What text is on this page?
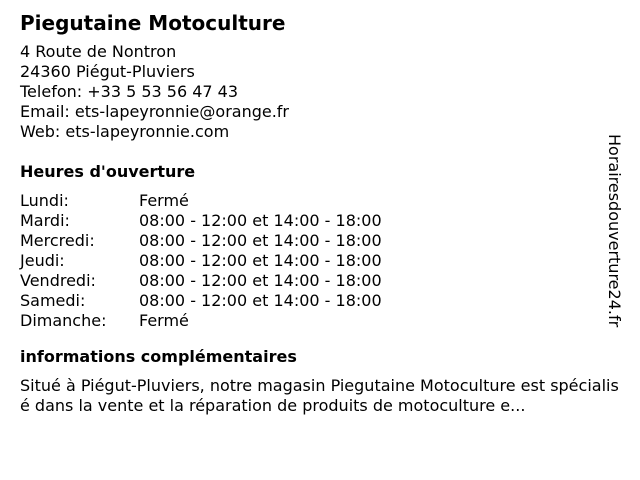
Piegutaine Motoculture
4 Route de Nontron
24360 Piégut-Pluviers
Telefon: +33 5 53 56 47 43
Email: ets-lapeyronnie@orange.fr
Web: ets-lapeyronnie.com
Heures d'ouverture
Lundi:	Fermé
Mardi:	08:00 - 12:00 et 14:00 - 18:00
Mercredi:	08:00 - 12:00 et 14:00 - 18:00
Jeudi:	08:00 - 12:00 et 14:00 - 18:00
Vendredi:	08:00 - 12:00 et 14:00 - 18:00
Samedi:	08:00 - 12:00 et 14:00 - 18:00
Dimanche:	Fermé
informations complémentaires
Situé à Piégut-Pluviers, notre magasin Piegutaine Motoculture est spécialisé dans la vente et la réparation de produits de motoculture e...
Horairesdouverture24.fr
